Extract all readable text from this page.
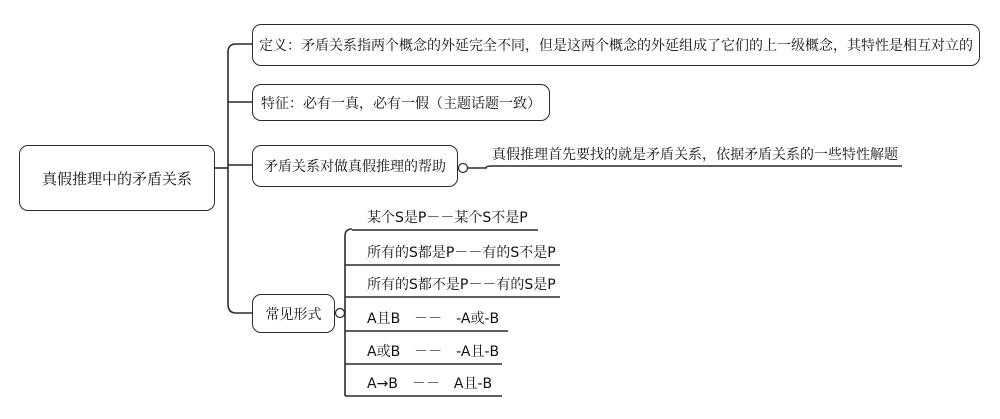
真假推理中的矛盾关系
定义：矛盾关系指两个概念的外延完全不同，但是这两个概念的外延组成了它们的上一级概念，其特性是相互对立的
特征：必有一真，必有一假（主题话题一致）
矛盾关系对做真假推理的帮助
真假推理首先要找的就是矛盾关系，依据矛盾关系的一些特性解题
常见形式
某个S是P－－某个S不是P
所有的S都是P－－有的S不是P
所有的S都不是P－－有的S是P
A且B　－－　-A或-B
A或B　－－　-A且-B
A→B　－－　A且-B
